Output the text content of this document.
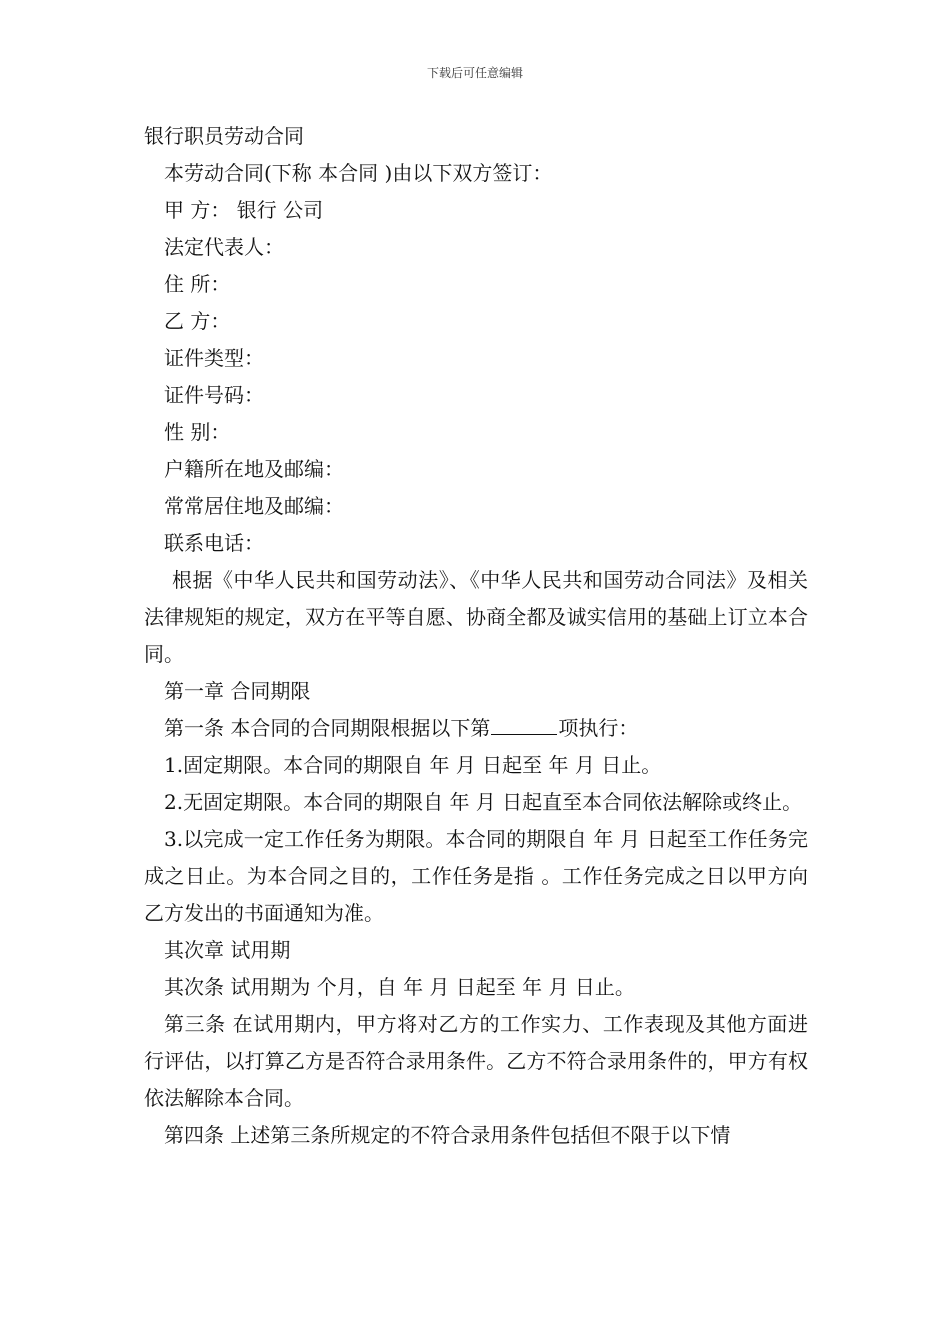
下载后可任意编辑

银行职员劳动合同

本劳动合同(下称 本合同 )由以下双方签订：

甲 方： 银行 公司

法定代表人：

住 所：

乙 方：

证件类型：

证件号码：

性 别：

户籍所在地及邮编：

常常居住地及邮编：

联系电话：

根据《中华人民共和国劳动法》、《中华人民共和国劳动合同法》及相关法律规矩的规定，双方在平等自愿、协商全都及诚实信用的基础上订立本合同。

第一章 合同期限

第一条 本合同的合同期限根据以下第	项执行：

1.固定期限。本合同的期限自 年 月 日起至 年 月 日止。

2.无固定期限。本合同的期限自 年 月 日起直至本合同依法解除或终止。

3.以完成一定工作任务为期限。本合同的期限自 年 月 日起至工作任务完成之日止。为本合同之目的，工作任务是指 。工作任务完成之日以甲方向乙方发出的书面通知为准。

其次章 试用期

其次条 试用期为 个月，自 年 月 日起至 年 月 日止。

第三条 在试用期内，甲方将对乙方的工作实力、工作表现及其他方面进行评估，以打算乙方是否符合录用条件。乙方不符合录用条件的，甲方有权依法解除本合同。

第四条 上述第三条所规定的不符合录用条件包括但不限于以下情
